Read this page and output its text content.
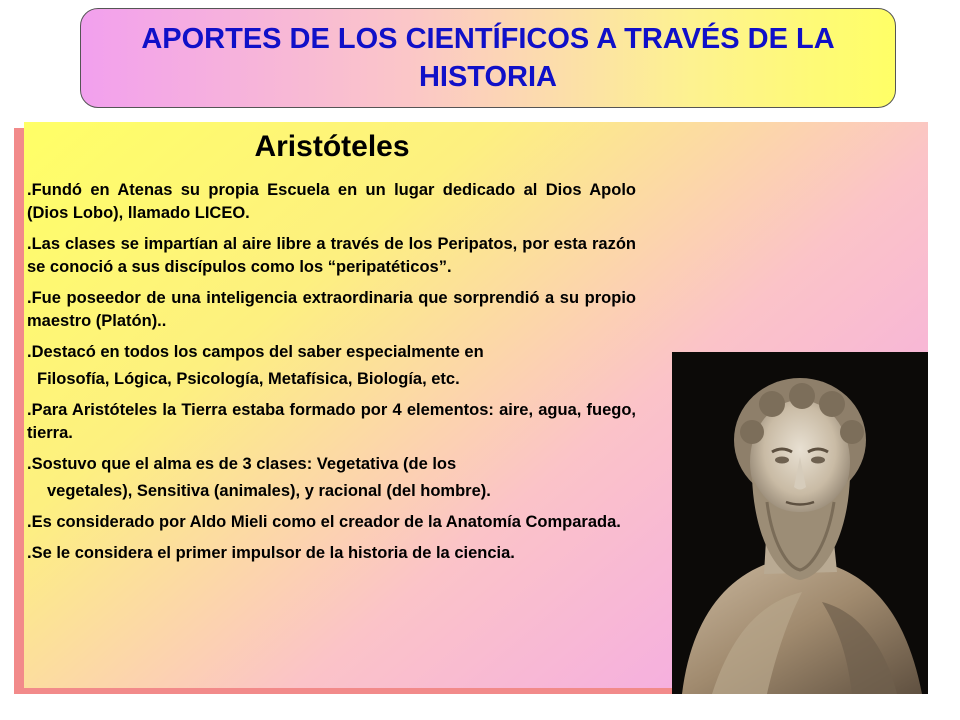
APORTES DE LOS CIENTÍFICOS A TRAVÉS DE LA HISTORIA
Aristóteles

.Fundó en Atenas su propia Escuela en un lugar dedicado al Dios Apolo (Dios Lobo), llamado LICEO.

.Las clases se impartían al aire libre a través de los Peripatos, por esta razón se conoció a sus discípulos como los “peripatéticos”.

.Fue poseedor de una inteligencia extraordinaria que sorprendió a su propio maestro (Platón)..

.Destacó en todos los campos del saber especialmente en

Filosofía, Lógica, Psicología, Metafísica, Biología, etc.

.Para Aristóteles la Tierra estaba formado por 4 elementos: aire, agua, fuego, tierra.

.Sostuvo que el alma es de 3 clases: Vegetativa (de los

vegetales), Sensitiva (animales), y racional (del hombre).

.Es considerado por Aldo Mieli como el creador de la Anatomía Comparada.

.Se le considera el primer impulsor de la historia de la ciencia.
